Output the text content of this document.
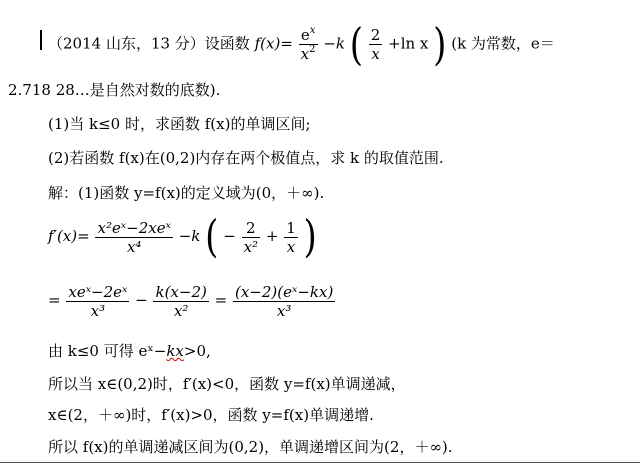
（2014 山东，13 分）设函数 $f(x)= \frac{e^x}{x^2} -k$ ( $\frac{2}{x} +\ln$ x ) (k 为常数，e＝
2.718 28…是自然对数的底数).
(1)当 k≤0 时，求函数 f(x)的单调区间;
(2)若函数 f(x)在(0,2)内存在两个极值点，求 k 的取值范围.
解：(1)函数 y=f(x)的定义域为(0，＋∞).
$f'(x)= \frac{\text{x²eˣ−2xeˣ}}{\text{x⁴}} -k$ ( − $\frac{2}{\text{x²}} + \frac{1}{x}$ )
= $\frac{\text{xeˣ−2eˣ}}{\text{x³}} - \frac{k(x-2)}{\text{x²}} = \frac{\text{(x−2)(eˣ−kx)}}{\text{x³}}$
由 k≤0 可得 eˣ−kx>0,
所以当 x∈(0,2)时，f′(x)<0，函数 y=f(x)单调递减，
x∈(2，＋∞)时，f′(x)>0，函数 y=f(x)单调递增.
所以 f(x)的单调递减区间为(0,2)，单调递增区间为(2，＋∞).
